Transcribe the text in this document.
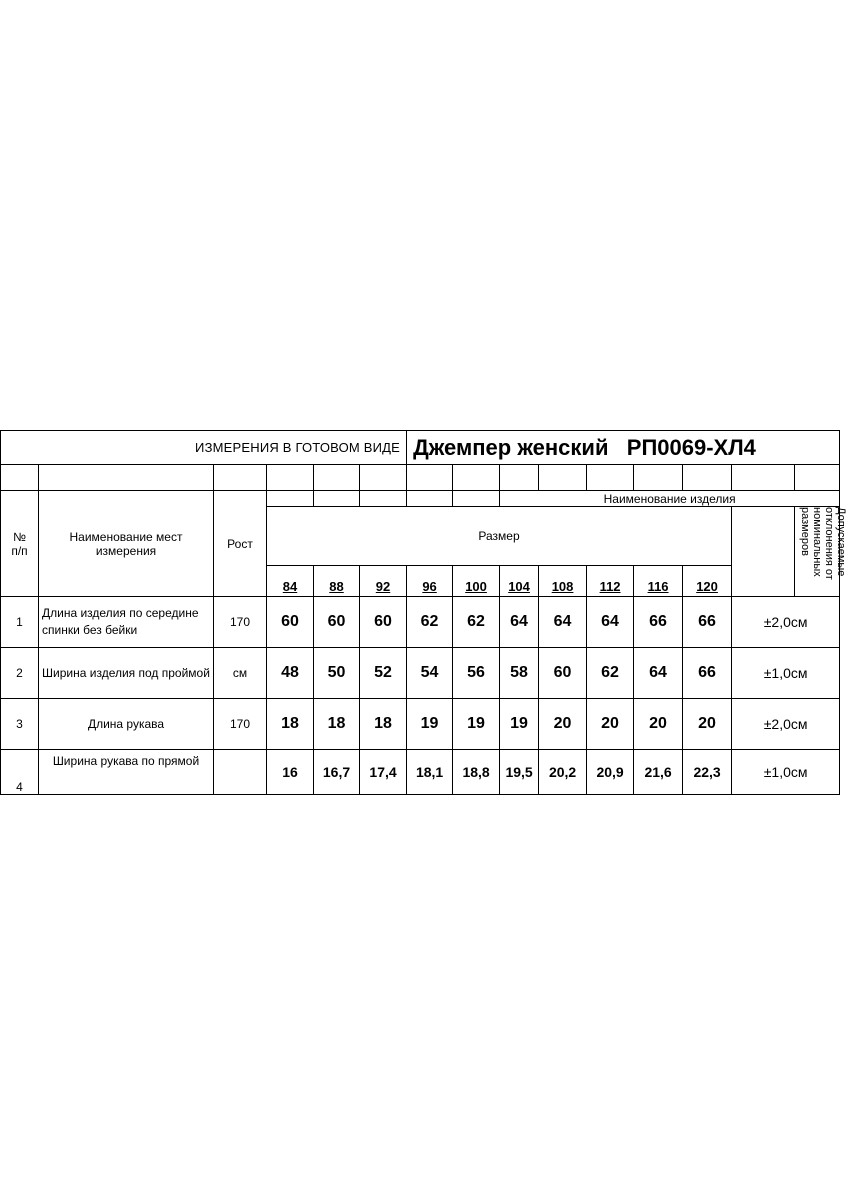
ИЗМЕРЕНИЯ В ГОТОВОМ ВИДЕ						Джемпер женский   РП0069-ХЛ4								

№
п/п	Наименование мест измерения	Рост						Наименование изделия						
			Размер											Допускаемые отклонения от номинальных размеров
			84	88	92	96	100	104	108	112	116	120		
1	Длина изделия по середине спинки без бейки	170	60	60	60	62	62	64	64	64	66	66	±2,0см	
2	Ширина изделия под проймой	см	48	50	52	54	56	58	60	62	64	66	±1,0см	
3	Длина рукава	170	18	18	18	19	19	19	20	20	20	20	±2,0см	
4	Ширина рукава по прямой		16	16,7	17,4	18,1	18,8	19,5	20,2	20,9	21,6	22,3	±1,0см	
